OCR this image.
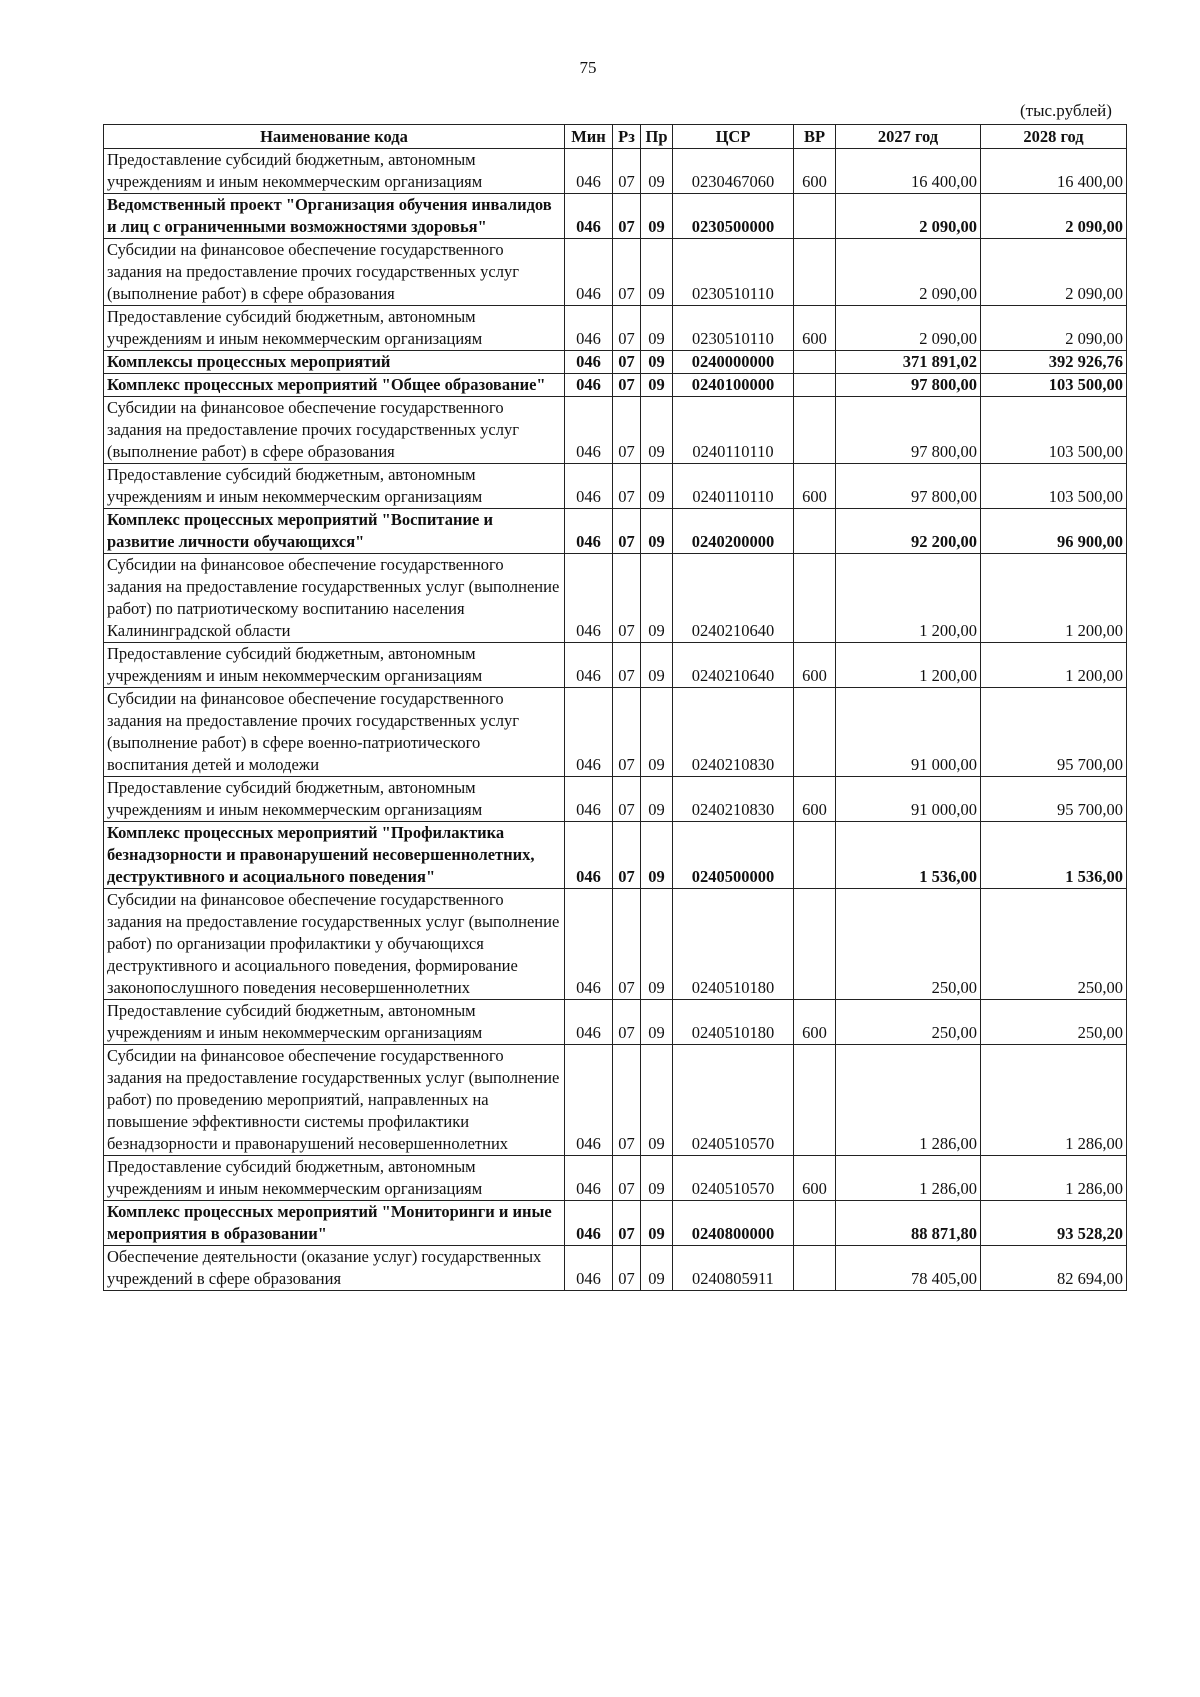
75
(тыс.рублей)
Наименование кода	Мин	Рз	Пр	ЦСР	ВР	2027 год	2028 год
Предоставление субсидий бюджетным, автономным учреждениям и иным некоммерческим организациям	046	07	09	0230467060	600	16 400,00	16 400,00
Ведомственный проект "Организация обучения инвалидов и лиц с ограниченными возможностями здоровья"	046	07	09	0230500000		2 090,00	2 090,00
Субсидии на финансовое обеспечение государственного задания на предоставление прочих государственных услуг (выполнение работ) в сфере образования	046	07	09	0230510110		2 090,00	2 090,00
Предоставление субсидий бюджетным, автономным учреждениям и иным некоммерческим организациям	046	07	09	0230510110	600	2 090,00	2 090,00
Комплексы процессных мероприятий	046	07	09	0240000000		371 891,02	392 926,76
Комплекс процессных мероприятий "Общее образование"	046	07	09	0240100000		97 800,00	103 500,00
Субсидии на финансовое обеспечение государственного задания на предоставление прочих государственных услуг (выполнение работ) в сфере образования	046	07	09	0240110110		97 800,00	103 500,00
Предоставление субсидий бюджетным, автономным учреждениям и иным некоммерческим организациям	046	07	09	0240110110	600	97 800,00	103 500,00
Комплекс процессных мероприятий "Воспитание и развитие личности обучающихся"	046	07	09	0240200000		92 200,00	96 900,00
Субсидии на финансовое обеспечение государственного задания на предоставление государственных услуг (выполнение работ) по патриотическому воспитанию населения Калининградской области	046	07	09	0240210640		1 200,00	1 200,00
Предоставление субсидий бюджетным, автономным учреждениям и иным некоммерческим организациям	046	07	09	0240210640	600	1 200,00	1 200,00
Субсидии на финансовое обеспечение государственного задания на предоставление прочих государственных услуг (выполнение работ) в сфере военно-патриотического воспитания детей и молодежи	046	07	09	0240210830		91 000,00	95 700,00
Предоставление субсидий бюджетным, автономным учреждениям и иным некоммерческим организациям	046	07	09	0240210830	600	91 000,00	95 700,00
Комплекс процессных мероприятий "Профилактика безнадзорности и правонарушений несовершеннолетних, деструктивного и асоциального поведения"	046	07	09	0240500000		1 536,00	1 536,00
Субсидии на финансовое обеспечение государственного задания на предоставление государственных услуг (выполнение работ) по организации профилактики у обучающихся деструктивного и асоциального поведения, формирование законопослушного поведения несовершеннолетних	046	07	09	0240510180		250,00	250,00
Предоставление субсидий бюджетным, автономным учреждениям и иным некоммерческим организациям	046	07	09	0240510180	600	250,00	250,00
Субсидии на финансовое обеспечение государственного задания на предоставление государственных услуг (выполнение работ) по проведению мероприятий, направленных на повышение эффективности системы профилактики безнадзорности и правонарушений несовершеннолетних	046	07	09	0240510570		1 286,00	1 286,00
Предоставление субсидий бюджетным, автономным учреждениям и иным некоммерческим организациям	046	07	09	0240510570	600	1 286,00	1 286,00
Комплекс процессных мероприятий "Мониторинги и иные мероприятия в образовании"	046	07	09	0240800000		88 871,80	93 528,20
Обеспечение деятельности (оказание услуг) государственных учреждений в сфере образования	046	07	09	0240805911		78 405,00	82 694,00
